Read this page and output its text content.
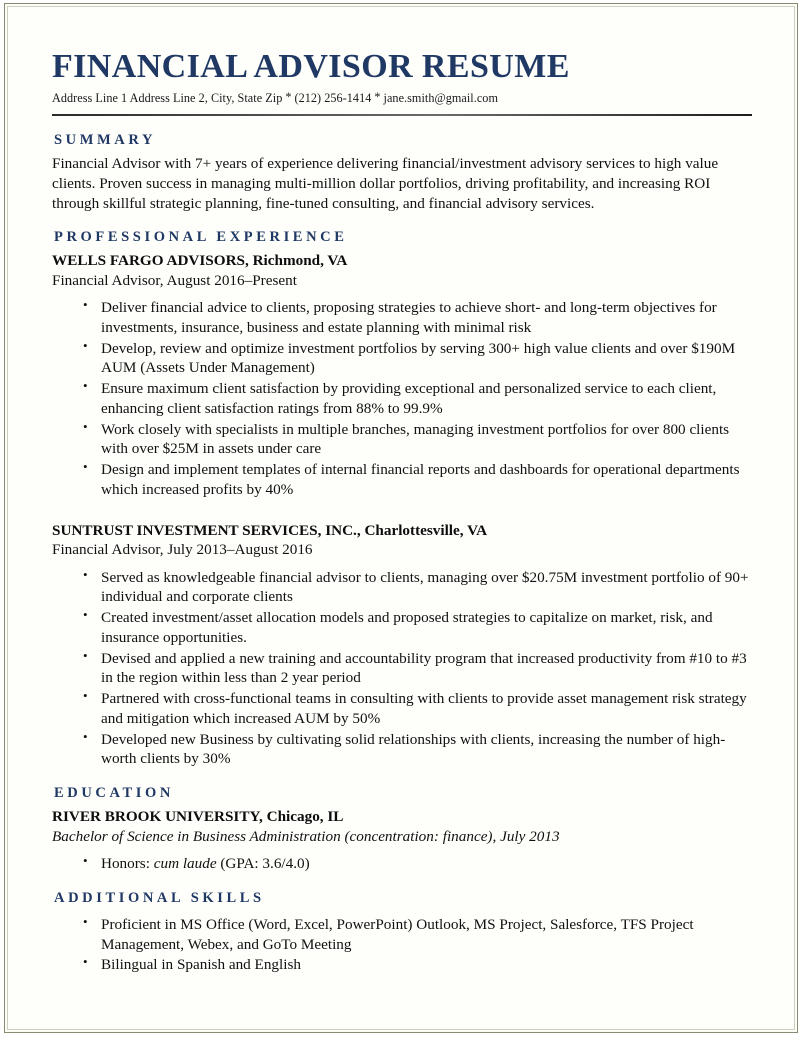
FINANCIAL ADVISOR RESUME
Address Line 1 Address Line 2, City, State Zip * (212) 256-1414 * jane.smith@gmail.com
SUMMARY

Financial Advisor with 7+ years of experience delivering financial/investment advisory services to high value clients. Proven success in managing multi-million dollar portfolios, driving profitability, and increasing ROI through skillful strategic planning, fine-tuned consulting, and financial advisory services.

PROFESSIONAL EXPERIENCE
WELLS FARGO ADVISORS, Richmond, VA
Financial Advisor, August 2016–Present
• Deliver financial advice to clients, proposing strategies to achieve short- and long-term objectives for investments, insurance, business and estate planning with minimal risk
• Develop, review and optimize investment portfolios by serving 300+ high value clients and over $190M AUM (Assets Under Management)
• Ensure maximum client satisfaction by providing exceptional and personalized service to each client, enhancing client satisfaction ratings from 88% to 99.9%
• Work closely with specialists in multiple branches, managing investment portfolios for over 800 clients with over $25M in assets under care
• Design and implement templates of internal financial reports and dashboards for operational departments which increased profits by 40%
SUNTRUST INVESTMENT SERVICES, INC., Charlottesville, VA
Financial Advisor, July 2013–August 2016
• Served as knowledgeable financial advisor to clients, managing over $20.75M investment portfolio of 90+ individual and corporate clients
• Created investment/asset allocation models and proposed strategies to capitalize on market, risk, and insurance opportunities.
• Devised and applied a new training and accountability program that increased productivity from #10 to #3 in the region within less than 2 year period
• Partnered with cross-functional teams in consulting with clients to provide asset management risk strategy and mitigation which increased AUM by 50%
• Developed new Business by cultivating solid relationships with clients, increasing the number of high-worth clients by 30%
EDUCATION
RIVER BROOK UNIVERSITY, Chicago, IL
Bachelor of Science in Business Administration (concentration: finance), July 2013
• Honors: cum laude (GPA: 3.6/4.0)
ADDITIONAL SKILLS
• Proficient in MS Office (Word, Excel, PowerPoint) Outlook, MS Project, Salesforce, TFS Project Management, Webex, and GoTo Meeting
• Bilingual in Spanish and English
